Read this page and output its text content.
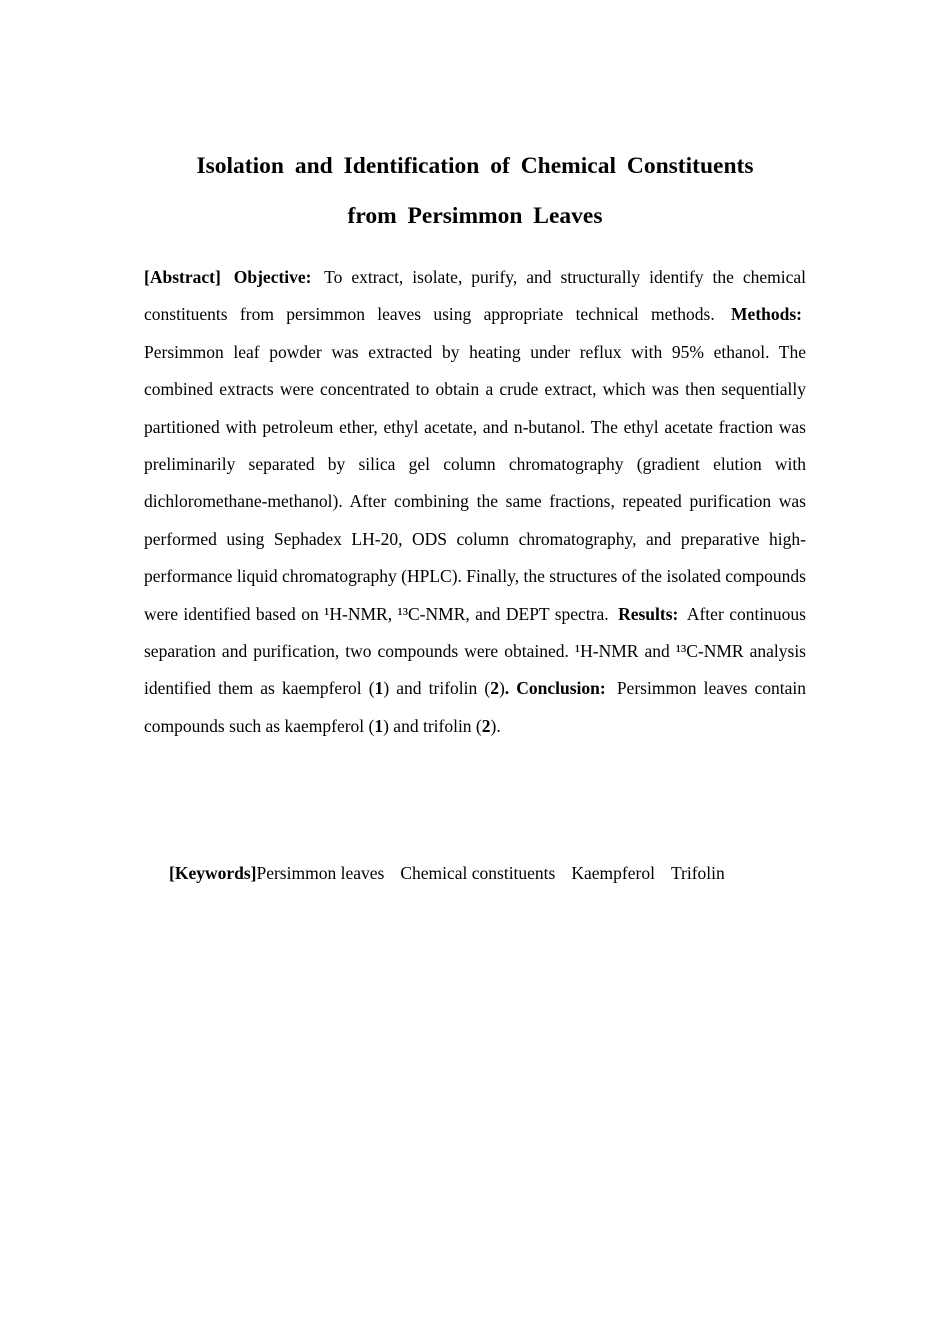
Isolation and Identification of Chemical Constituents
from Persimmon Leaves

[Abstract] Objective: To extract, isolate, purify, and structurally identify the chemical constituents from persimmon leaves using appropriate technical methods. Methods: Persimmon leaf powder was extracted by heating under reflux with 95% ethanol. The combined extracts were concentrated to obtain a crude extract, which was then sequentially partitioned with petroleum ether, ethyl acetate, and n-butanol. The ethyl acetate fraction was preliminarily separated by silica gel column chromatography (gradient elution with dichloromethane-methanol). After combining the same fractions, repeated purification was performed using Sephadex LH-20, ODS column chromatography, and preparative high-performance liquid chromatography (HPLC). Finally, the structures of the isolated compounds were identified based on ¹H-NMR, ¹³C-NMR, and DEPT spectra. Results: After continuous separation and purification, two compounds were obtained. ¹H-NMR and ¹³C-NMR analysis identified them as kaempferol (1) and trifolin (2). Conclusion: Persimmon leaves contain compounds such as kaempferol (1) and trifolin (2).

[Keywords]Persimmon leaves Chemical constituents Kaempferol Trifolin
